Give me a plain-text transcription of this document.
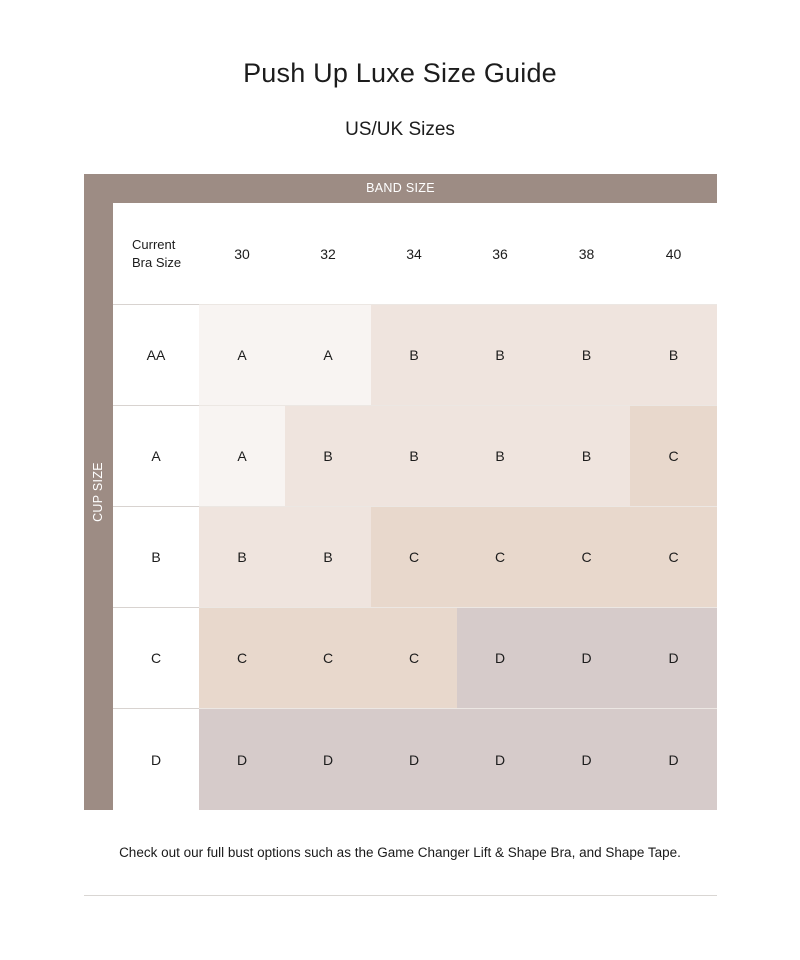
Push Up Luxe Size Guide
US/UK Sizes
BAND SIZE
CUP SIZE
Current
Bra Size
30	32	34	36	38	40
AA	A	A	B	B	B	B
A	A	B	B	B	B	C
B	B	B	C	C	C	C
C	C	C	C	D	D	D
D	D	D	D	D	D	D
Check out our full bust options such as the Game Changer Lift & Shape Bra, and Shape Tape.
